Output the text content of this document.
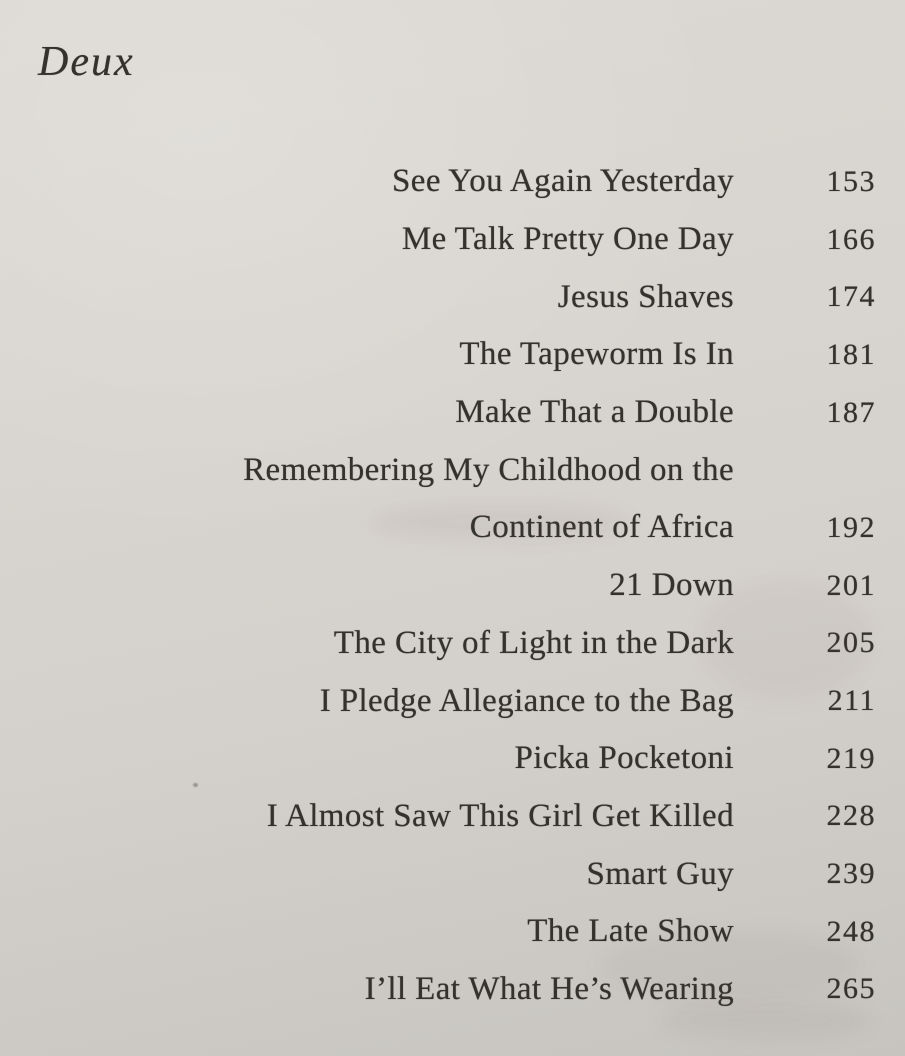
Deux
See You Again Yesterday	153
Me Talk Pretty One Day	166
Jesus Shaves	174
The Tapeworm Is In	181
Make That a Double	187
Remembering My Childhood on the
Continent of Africa	192
21 Down	201
The City of Light in the Dark	205
I Pledge Allegiance to the Bag	211
Picka Pocketoni	219
I Almost Saw This Girl Get Killed	228
Smart Guy	239
The Late Show	248
I’ll Eat What He’s Wearing	265
